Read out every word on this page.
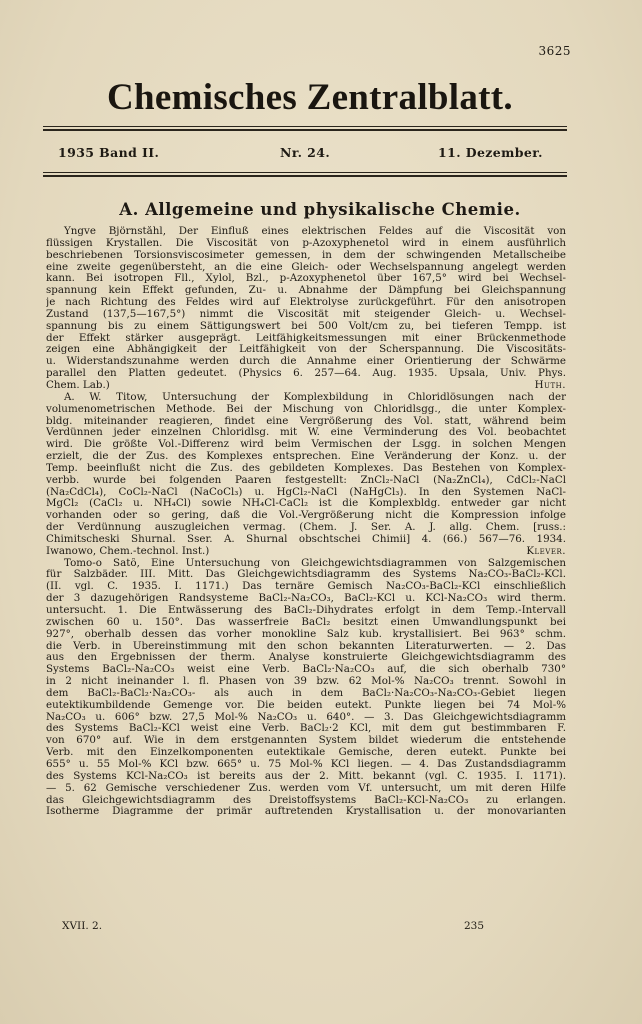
3625
Chemisches Zentralblatt.
1935 Band II.	Nr. 24.	11. Dezember.
A. Allgemeine und physikalische Chemie.
Yngve Björnståhl, Der Einfluß eines elektrischen Feldes auf die Viscosität von
flüssigen Krystallen. Die Viscosität von p-Azoxyphenetol wird in einem ausführlich
beschriebenen Torsionsviscosimeter gemessen, in dem der schwingenden Metallscheibe
eine zweite gegenübersteht, an die eine Gleich- oder Wechselspannung angelegt werden
kann. Bei isotropen Fll., Xylol, Bzl., p-Azoxyphenetol über 167,5° wird bei Wechsel-
spannung kein Effekt gefunden, Zu- u. Abnahme der Dämpfung bei Gleichspannung
je nach Richtung des Feldes wird auf Elektrolyse zurückgeführt. Für den anisotropen
Zustand (137,5—167,5°) nimmt die Viscosität mit steigender Gleich- u. Wechsel-
spannung bis zu einem Sättigungswert bei 500 Volt/cm zu, bei tieferen Tempp. ist
der Effekt stärker ausgeprägt. Leitfähigkeitsmessungen mit einer Brückenmethode
zeigen eine Abhängigkeit der Leitfähigkeit von der Scherspannung. Die Viscositäts-
u. Widerstandszunahme werden durch die Annahme einer Orientierung der Schwärme
parallel den Platten gedeutet. (Physics 6. 257—64. Aug. 1935. Upsala, Univ. Phys.
Chem. Lab.)	Huth.
A. W. Titow, Untersuchung der Komplexbildung in Chloridlösungen nach der
volumenometrischen Methode. Bei der Mischung von Chloridlsgg., die unter Komplex-
bldg. miteinander reagieren, findet eine Vergrößerung des Vol. statt, während beim
Verdünnen jeder einzelnen Chloridlsg. mit W. eine Verminderung des Vol. beobachtet
wird. Die größte Vol.-Differenz wird beim Vermischen der Lsgg. in solchen Mengen
erzielt, die der Zus. des Komplexes entsprechen. Eine Veränderung der Konz. u. der
Temp. beeinflußt nicht die Zus. des gebildeten Komplexes. Das Bestehen von Komplex-
verbb. wurde bei folgenden Paaren festgestellt: ZnCl₂-NaCl (Na₂ZnCl₄), CdCl₂-NaCl
(Na₂CdCl₄), CoCl₂-NaCl (NaCoCl₃) u. HgCl₂-NaCl (NaHgCl₃). In den Systemen NaCl-
MgCl₂ (CaCl₂ u. NH₄Cl) sowie NH₄Cl-CaCl₂ ist die Komplexbldg. entweder gar nicht
vorhanden oder so gering, daß die Vol.-Vergrößerung nicht die Kompression infolge
der Verdünnung auszugleichen vermag. (Chem. J. Ser. A. J. allg. Chem. [russ.:
Chimitscheski Shurnal. Sser. A. Shurnal obschtschei Chimii] 4. (66.) 567—76. 1934.
Iwanowo, Chem.-technol. Inst.)	Klever.
Tomo-o Satô, Eine Untersuchung von Gleichgewichtsdiagrammen von Salzgemischen
für Salzbäder. III. Mitt. Das Gleichgewichtsdiagramm des Systems Na₂CO₃-BaCl₂-KCl.
(II. vgl. C. 1935. I. 1171.) Das ternäre Gemisch Na₂CO₃-BaCl₂-KCl einschließlich
der 3 dazugehörigen Randsysteme BaCl₂-Na₂CO₃, BaCl₂-KCl u. KCl-Na₂CO₃ wird therm.
untersucht. 1. Die Entwässerung des BaCl₂-Dihydrates erfolgt in dem Temp.-Intervall
zwischen 60 u. 150°. Das wasserfreie BaCl₂ besitzt einen Umwandlungspunkt bei
927°, oberhalb dessen das vorher monokline Salz kub. krystallisiert. Bei 963° schm.
die Verb. in Übereinstimmung mit den schon bekannten Literaturwerten. — 2. Das
aus den Ergebnissen der therm. Analyse konstruierte Gleichgewichtsdiagramm des
Systems BaCl₂-Na₂CO₃ weist eine Verb. BaCl₂·Na₂CO₃ auf, die sich oberhalb 730°
in 2 nicht ineinander l. fl. Phasen von 39 bzw. 62 Mol-% Na₂CO₃ trennt. Sowohl in
dem BaCl₂-BaCl₂·Na₂CO₃- als auch in dem BaCl₂·Na₂CO₃-Na₂CO₃-Gebiet liegen
eutektikumbildende Gemenge vor. Die beiden eutekt. Punkte liegen bei 74 Mol-%
Na₂CO₃ u. 606° bzw. 27,5 Mol-% Na₂CO₃ u. 640°. — 3. Das Gleichgewichtsdiagramm
des Systems BaCl₂-KCl weist eine Verb. BaCl₂·2 KCl, mit dem gut bestimmbaren F.
von 670° auf. Wie in dem erstgenannten System bildet wiederum die entstehende
Verb. mit den Einzelkomponenten eutektikale Gemische, deren eutekt. Punkte bei
655° u. 55 Mol-% KCl bzw. 665° u. 75 Mol-% KCl liegen. — 4. Das Zustandsdiagramm
des Systems KCl-Na₂CO₃ ist bereits aus der 2. Mitt. bekannt (vgl. C. 1935. I. 1171).
— 5. 62 Gemische verschiedener Zus. werden vom Vf. untersucht, um mit deren Hilfe
das Gleichgewichtsdiagramm des Dreistoffsystems BaCl₂-KCl-Na₂CO₃ zu erlangen.
Isotherme Diagramme der primär auftretenden Krystallisation u. der monovarianten
XVII. 2.	235
